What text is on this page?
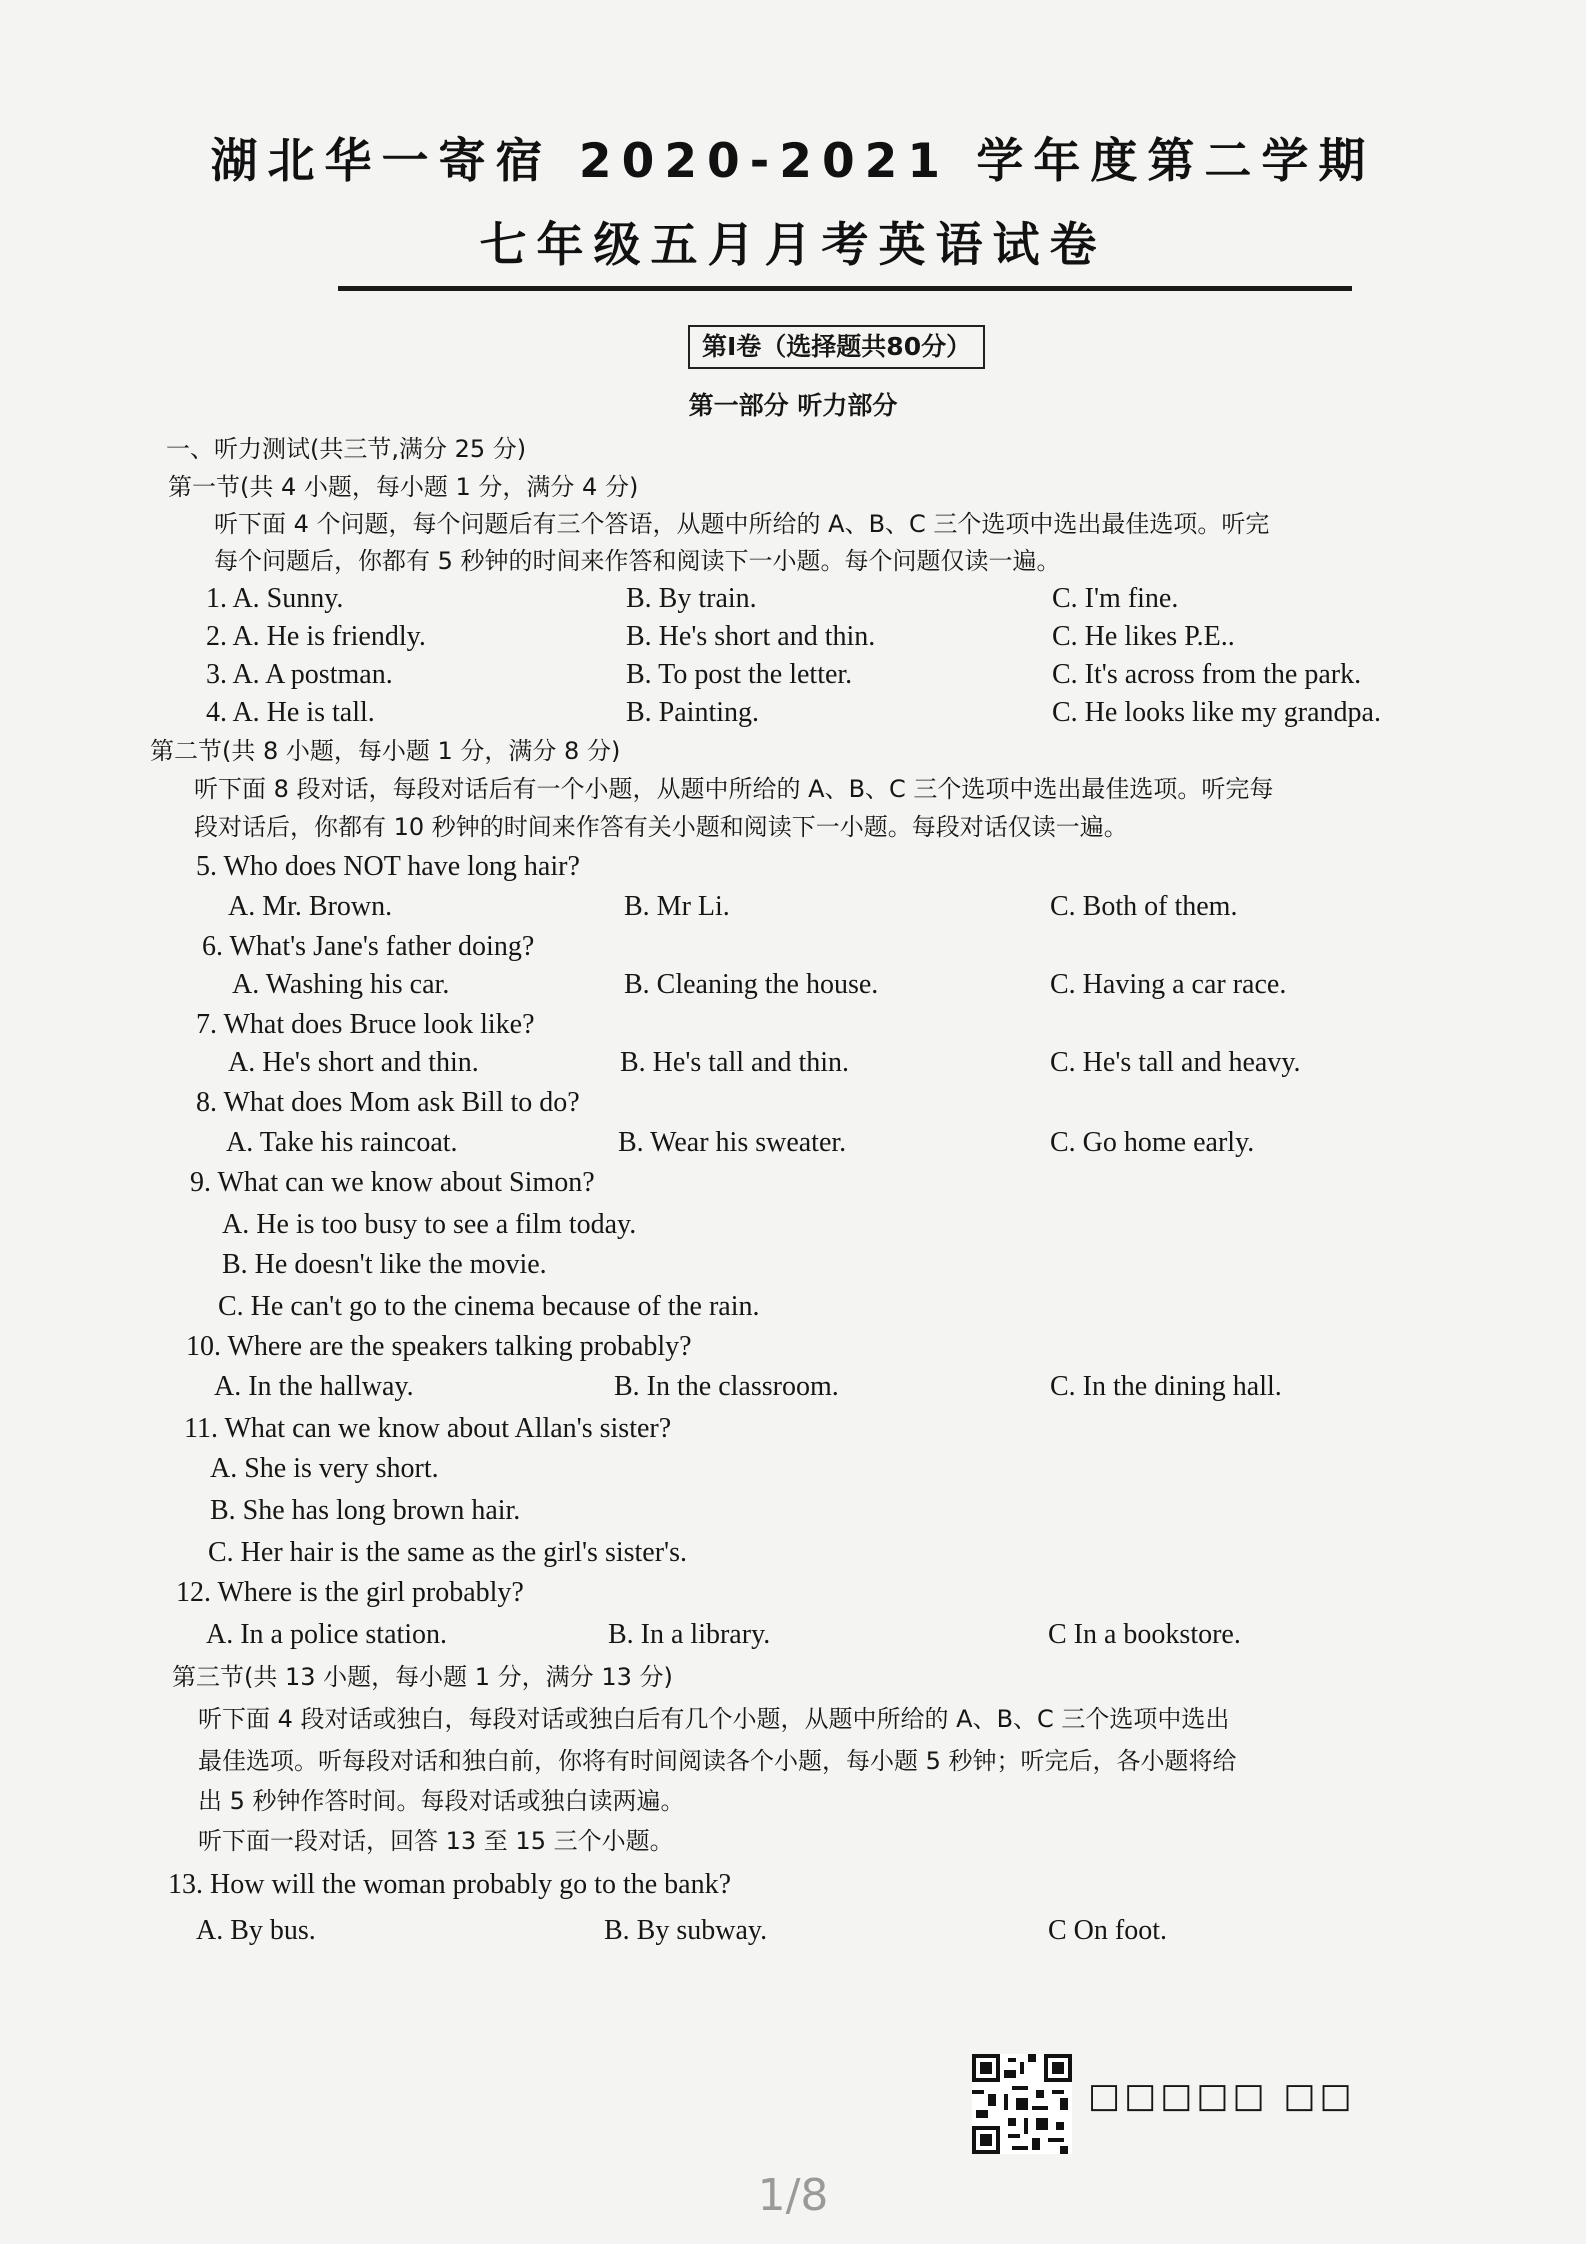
湖北华一寄宿 2020-2021 学年度第二学期
七年级五月月考英语试卷
第Ⅰ卷（选择题共80分）
第一部分 听力部分
一、听力测试(共三节,满分 25 分)
第一节(共 4 小题，每小题 1 分，满分 4 分)
听下面 4 个问题，每个问题后有三个答语，从题中所给的 A、B、C 三个选项中选出最佳选项。听完
每个问题后，你都有 5 秒钟的时间来作答和阅读下一小题。每个问题仅读一遍。
1. A. Sunny.	B. By train.	C. I'm fine.
2. A. He is friendly.	B. He's short and thin.	C. He likes P.E..
3. A. A postman.	B. To post the letter.	C. It's across from the park.
4. A. He is tall.	B. Painting.	C. He looks like my grandpa.
第二节(共 8 小题，每小题 1 分，满分 8 分)
听下面 8 段对话，每段对话后有一个小题，从题中所给的 A、B、C 三个选项中选出最佳选项。听完每
段对话后，你都有 10 秒钟的时间来作答有关小题和阅读下一小题。每段对话仅读一遍。
5. Who does NOT have long hair?
A. Mr. Brown.	B. Mr Li.	C. Both of them.
6. What's Jane's father doing?
A. Washing his car.	B. Cleaning the house.	C. Having a car race.
7. What does Bruce look like?
A. He's short and thin.	B. He's tall and thin.	C. He's tall and heavy.
8. What does Mom ask Bill to do?
A. Take his raincoat.	B. Wear his sweater.	C. Go home early.
9. What can we know about Simon?
A. He is too busy to see a film today.
B. He doesn't like the movie.
C. He can't go to the cinema because of the rain.
10. Where are the speakers talking probably?
A. In the hallway.	B. In the classroom.	C. In the dining hall.
11. What can we know about Allan's sister?
A. She is very short.
B. She has long brown hair.
C. Her hair is the same as the girl's sister's.
12. Where is the girl probably?
A. In a police station.	B. In a library.	C In a bookstore.
第三节(共 13 小题，每小题 1 分，满分 13 分)
听下面 4 段对话或独白，每段对话或独白后有几个小题，从题中所给的 A、B、C 三个选项中选出
最佳选项。听每段对话和独白前，你将有时间阅读各个小题，每小题 5 秒钟；听完后，各小题将给
出 5 秒钟作答时间。每段对话或独白读两遍。
听下面一段对话，回答 13 至 15 三个小题。
13. How will the woman probably go to the bank?
A. By bus.	B. By subway.	C On foot.
□□□□□ □□
1/8
